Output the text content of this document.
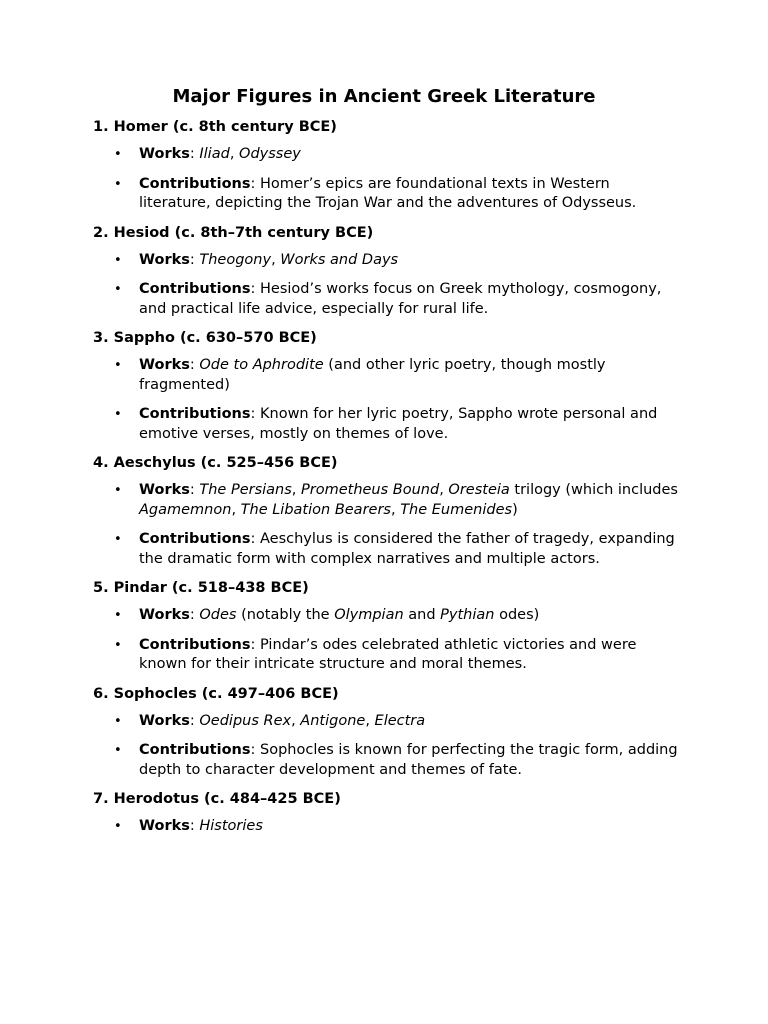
Major Figures in Ancient Greek Literature
1. Homer (c. 8th century BCE)
• Works: Iliad, Odyssey
• Contributions: Homer’s epics are foundational texts in Western literature, depicting the Trojan War and the adventures of Odysseus.
2. Hesiod (c. 8th–7th century BCE)
• Works: Theogony, Works and Days
• Contributions: Hesiod’s works focus on Greek mythology, cosmogony, and practical life advice, especially for rural life.
3. Sappho (c. 630–570 BCE)
• Works: Ode to Aphrodite (and other lyric poetry, though mostly fragmented)
• Contributions: Known for her lyric poetry, Sappho wrote personal and emotive verses, mostly on themes of love.
4. Aeschylus (c. 525–456 BCE)
• Works: The Persians, Prometheus Bound, Oresteia trilogy (which includes Agamemnon, The Libation Bearers, The Eumenides)
• Contributions: Aeschylus is considered the father of tragedy, expanding the dramatic form with complex narratives and multiple actors.
5. Pindar (c. 518–438 BCE)
• Works: Odes (notably the Olympian and Pythian odes)
• Contributions: Pindar’s odes celebrated athletic victories and were known for their intricate structure and moral themes.
6. Sophocles (c. 497–406 BCE)
• Works: Oedipus Rex, Antigone, Electra
• Contributions: Sophocles is known for perfecting the tragic form, adding depth to character development and themes of fate.
7. Herodotus (c. 484–425 BCE)
• Works: Histories
